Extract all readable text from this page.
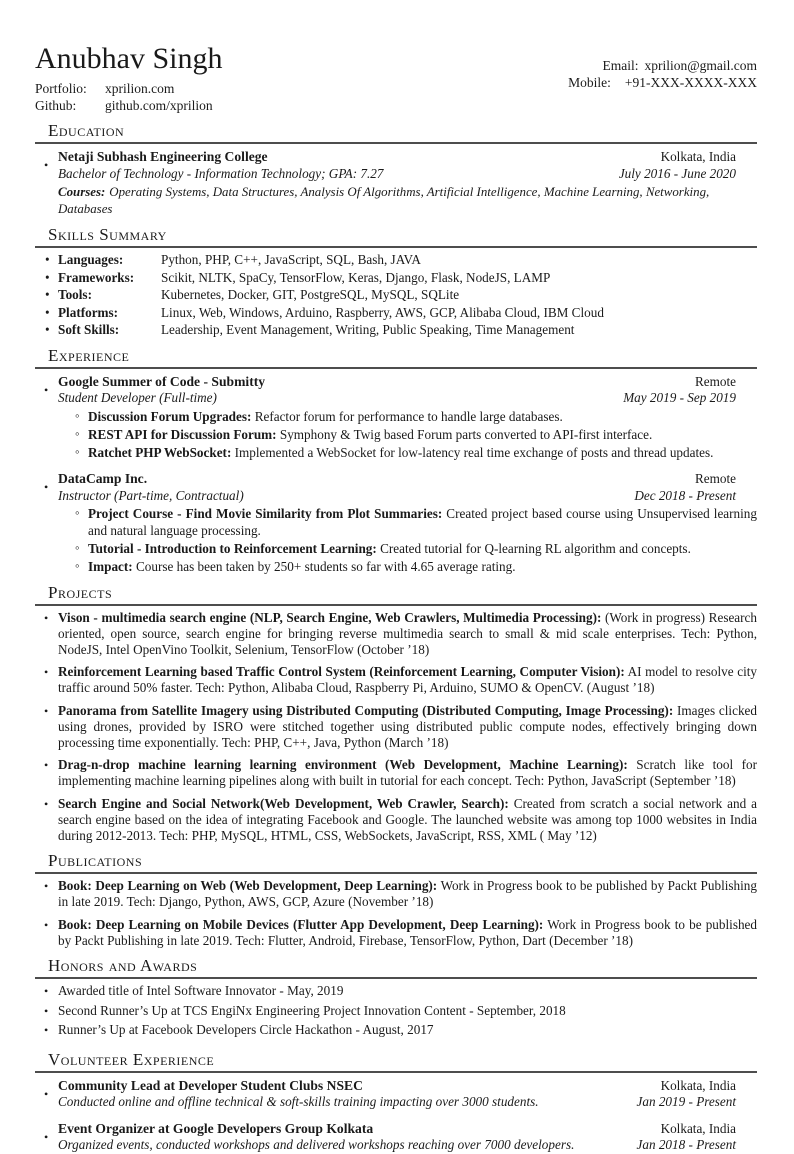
Anubhav Singh
Portfolio:	xprilion.com
Github:	github.com/xprilion
Email: xprilion@gmail.com
Mobile: +91-XXX-XXXX-XXX
Education
•
Netaji Subhash Engineering College	Kolkata, India
Bachelor of Technology - Information Technology; GPA: 7.27	July 2016 - June 2020
Courses: Operating Systems, Data Structures, Analysis Of Algorithms, Artificial Intelligence, Machine Learning, Networking, Databases
Skills Summary
• Languages:	Python, PHP, C++, JavaScript, SQL, Bash, JAVA
• Frameworks:	Scikit, NLTK, SpaCy, TensorFlow, Keras, Django, Flask, NodeJS, LAMP
• Tools:	Kubernetes, Docker, GIT, PostgreSQL, MySQL, SQLite
• Platforms:	Linux, Web, Windows, Arduino, Raspberry, AWS, GCP, Alibaba Cloud, IBM Cloud
• Soft Skills:	Leadership, Event Management, Writing, Public Speaking, Time Management
Experience
•
Google Summer of Code - Submitty	Remote
Student Developer (Full-time)	May 2019 - Sep 2019
◦ Discussion Forum Upgrades: Refactor forum for performance to handle large databases.
◦ REST API for Discussion Forum: Symphony & Twig based Forum parts converted to API-first interface.
◦ Ratchet PHP WebSocket: Implemented a WebSocket for low-latency real time exchange of posts and thread updates.
•
DataCamp Inc.	Remote
Instructor (Part-time, Contractual)	Dec 2018 - Present
◦ Project Course - Find Movie Similarity from Plot Summaries: Created project based course using Unsupervised learning and natural language processing.
◦ Tutorial - Introduction to Reinforcement Learning: Created tutorial for Q-learning RL algorithm and concepts.
◦ Impact: Course has been taken by 250+ students so far with 4.65 average rating.
Projects
• Vison - multimedia search engine (NLP, Search Engine, Web Crawlers, Multimedia Processing): (Work in progress) Research oriented, open source, search engine for bringing reverse multimedia search to small & mid scale enterprises. Tech: Python, NodeJS, Intel OpenVino Toolkit, Selenium, TensorFlow (October ’18)
• Reinforcement Learning based Traffic Control System (Reinforcement Learning, Computer Vision): AI model to resolve city traffic around 50% faster. Tech: Python, Alibaba Cloud, Raspberry Pi, Arduino, SUMO & OpenCV. (August ’18)
• Panorama from Satellite Imagery using Distributed Computing (Distributed Computing, Image Processing): Images clicked using drones, provided by ISRO were stitched together using distributed public compute nodes, effectively bringing down processing time exponentially. Tech: PHP, C++, Java, Python (March ’18)
• Drag-n-drop machine learning learning environment (Web Development, Machine Learning): Scratch like tool for implementing machine learning pipelines along with built in tutorial for each concept. Tech: Python, JavaScript (September ’18)
• Search Engine and Social Network(Web Development, Web Crawler, Search): Created from scratch a social network and a search engine based on the idea of integrating Facebook and Google. The launched website was among top 1000 websites in India during 2012-2013. Tech: PHP, MySQL, HTML, CSS, WebSockets, JavaScript, RSS, XML ( May ’12)
Publications
• Book: Deep Learning on Web (Web Development, Deep Learning): Work in Progress book to be published by Packt Publishing in late 2019. Tech: Django, Python, AWS, GCP, Azure (November ’18)
• Book: Deep Learning on Mobile Devices (Flutter App Development, Deep Learning): Work in Progress book to be published by Packt Publishing in late 2019. Tech: Flutter, Android, Firebase, TensorFlow, Python, Dart (December ’18)
Honors and Awards
• Awarded title of Intel Software Innovator - May, 2019
• Second Runner’s Up at TCS EngiNx Engineering Project Innovation Content - September, 2018
• Runner’s Up at Facebook Developers Circle Hackathon - August, 2017
Volunteer Experience
•
Community Lead at Developer Student Clubs NSEC	Kolkata, India
Conducted online and offline technical & soft-skills training impacting over 3000 students.	Jan 2019 - Present
•
Event Organizer at Google Developers Group Kolkata	Kolkata, India
Organized events, conducted workshops and delivered workshops reaching over 7000 developers.	Jan 2018 - Present
